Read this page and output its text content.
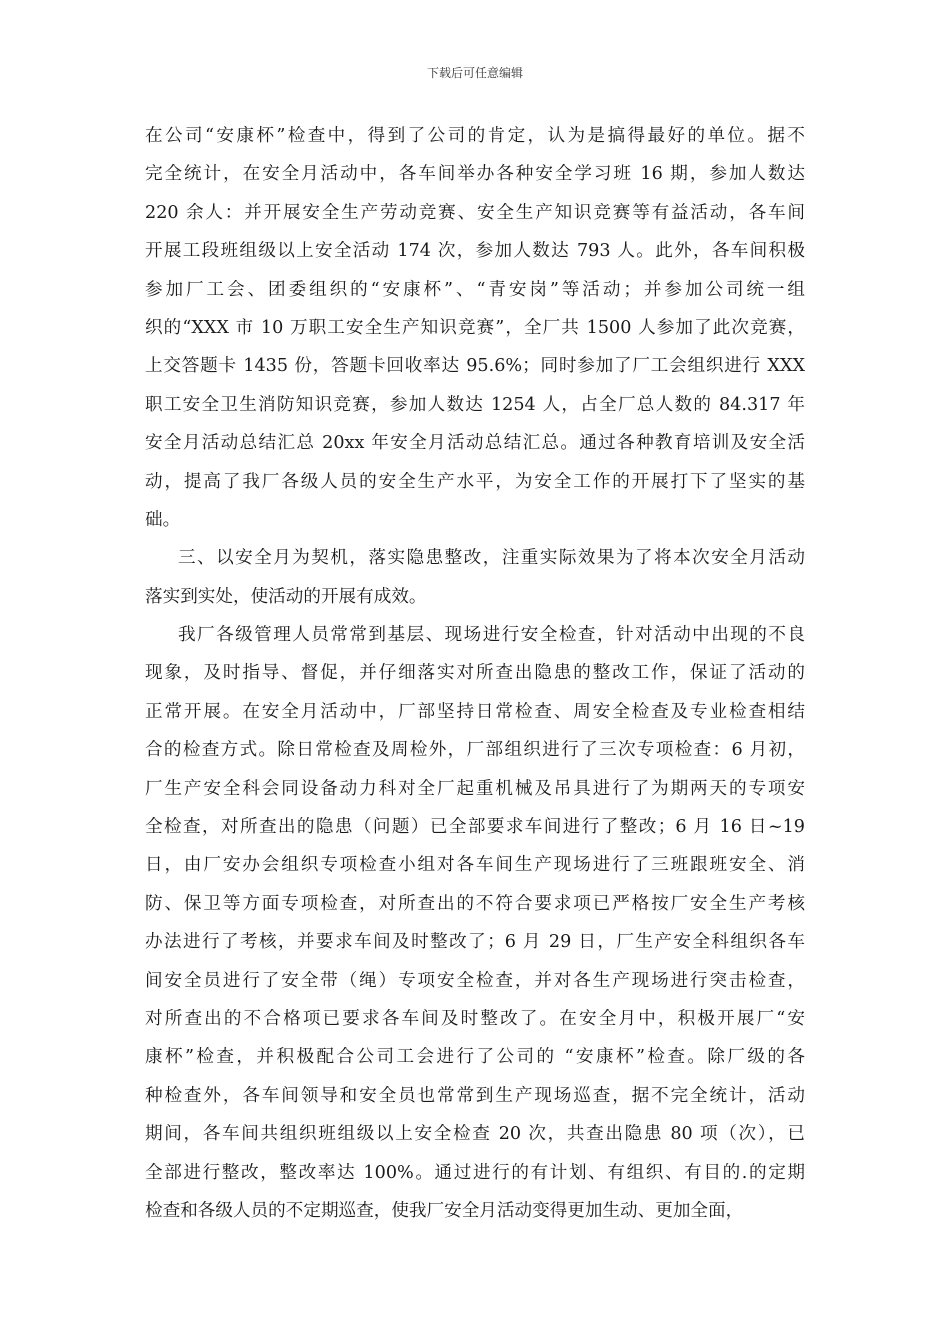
下载后可任意编辑
在公司“安康杯”检查中，得到了公司的肯定，认为是搞得最好的单位。据不
完全统计，在安全月活动中，各车间举办各种安全学习班 16 期，参加人数达
220 余人：并开展安全生产劳动竞赛、安全生产知识竞赛等有益活动，各车间
开展工段班组级以上安全活动 174 次，参加人数达 793 人。此外，各车间积极
参加厂工会、团委组织的“安康杯”、“青安岗”等活动；并参加公司统一组
织的“XXX 市 10 万职工安全生产知识竞赛”，全厂共 1500 人参加了此次竞赛，
上交答题卡 1435 份，答题卡回收率达 95.6%；同时参加了厂工会组织进行 XXX
职工安全卫生消防知识竞赛，参加人数达 1254 人，占全厂总人数的 84.317 年
安全月活动总结汇总 20xx 年安全月活动总结汇总。通过各种教育培训及安全活
动，提高了我厂各级人员的安全生产水平，为安全工作的开展打下了坚实的基
础。
三、以安全月为契机，落实隐患整改，注重实际效果为了将本次安全月活动
落实到实处，使活动的开展有成效。
我厂各级管理人员常常到基层、现场进行安全检查，针对活动中出现的不良
现象，及时指导、督促，并仔细落实对所查出隐患的整改工作，保证了活动的
正常开展。在安全月活动中，厂部坚持日常检查、周安全检查及专业检查相结
合的检查方式。除日常检查及周检外，厂部组织进行了三次专项检查：6 月初，
厂生产安全科会同设备动力科对全厂起重机械及吊具进行了为期两天的专项安
全检查，对所查出的隐患（问题）已全部要求车间进行了整改；6 月 16 日~19
日，由厂安办会组织专项检查小组对各车间生产现场进行了三班跟班安全、消
防、保卫等方面专项检查，对所查出的不符合要求项已严格按厂安全生产考核
办法进行了考核，并要求车间及时整改了；6 月 29 日，厂生产安全科组织各车
间安全员进行了安全带（绳）专项安全检查，并对各生产现场进行突击检查，
对所查出的不合格项已要求各车间及时整改了。在安全月中，积极开展厂“安
康杯”检查，并积极配合公司工会进行了公司的 “安康杯”检查。除厂级的各
种检查外，各车间领导和安全员也常常到生产现场巡查，据不完全统计，活动
期间，各车间共组织班组级以上安全检查 20 次，共查出隐患 80 项（次），已
全部进行整改，整改率达 100%。通过进行的有计划、有组织、有目的.的定期
检查和各级人员的不定期巡查，使我厂安全月活动变得更加生动、更加全面，
